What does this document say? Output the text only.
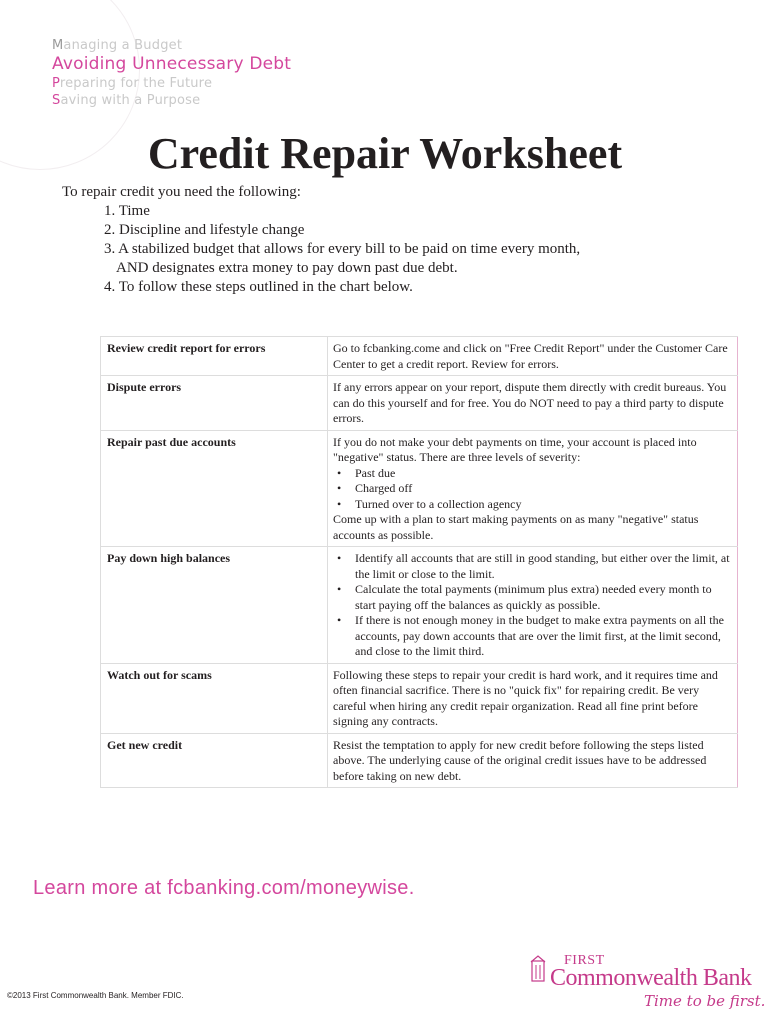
Managing a Budget
Avoiding Unnecessary Debt
Preparing for the Future
Saving with a Purpose
Credit Repair Worksheet

To repair credit you need the following:

1. Time
2. Discipline and lifestyle change
3. A stabilized budget that allows for every bill to be paid on time every month,
AND designates extra money to pay down past due debt.
4. To follow these steps outlined in the chart below.
Review credit report for errors	Go to fcbanking.come and click on "Free Credit Report" under the Customer Care Center to get a credit report. Review for errors.
Dispute errors	If any errors appear on your report, dispute them directly with credit bureaus. You can do this yourself and for free. You do NOT need to pay a third party to dispute errors.
Repair past due accounts	If you do not make your debt payments on time, your account is placed into "negative" status. There are three levels of severity:
• Past due
• Charged off
• Turned over to a collection agency
Come up with a plan to start making payments on as many "negative" status accounts as possible.
Pay down high balances
•	Identify all accounts that are still in good standing, but either over the limit, at the limit or close to the limit.
• Calculate the total payments (minimum plus extra) needed every month to start paying off the balances as quickly as possible.
• If there is not enough money in the budget to make extra payments on all the accounts, pay down accounts that are over the limit first, at the limit second, and close to the limit third.
Watch out for scams	Following these steps to repair your credit is hard work, and it requires time and often financial sacrifice. There is no "quick fix" for repairing credit. Be very careful when hiring any credit repair organization. Read all fine print before signing any contracts.
Get new credit	Resist the temptation to apply for new credit before following the steps listed above. The underlying cause of the original credit issues have to be addressed before taking on new debt.
Learn more at fcbanking.com/moneywise.
©2013 First Commonwealth Bank. Member FDIC.
FIRST
Commonwealth Bank
Time to be first.
